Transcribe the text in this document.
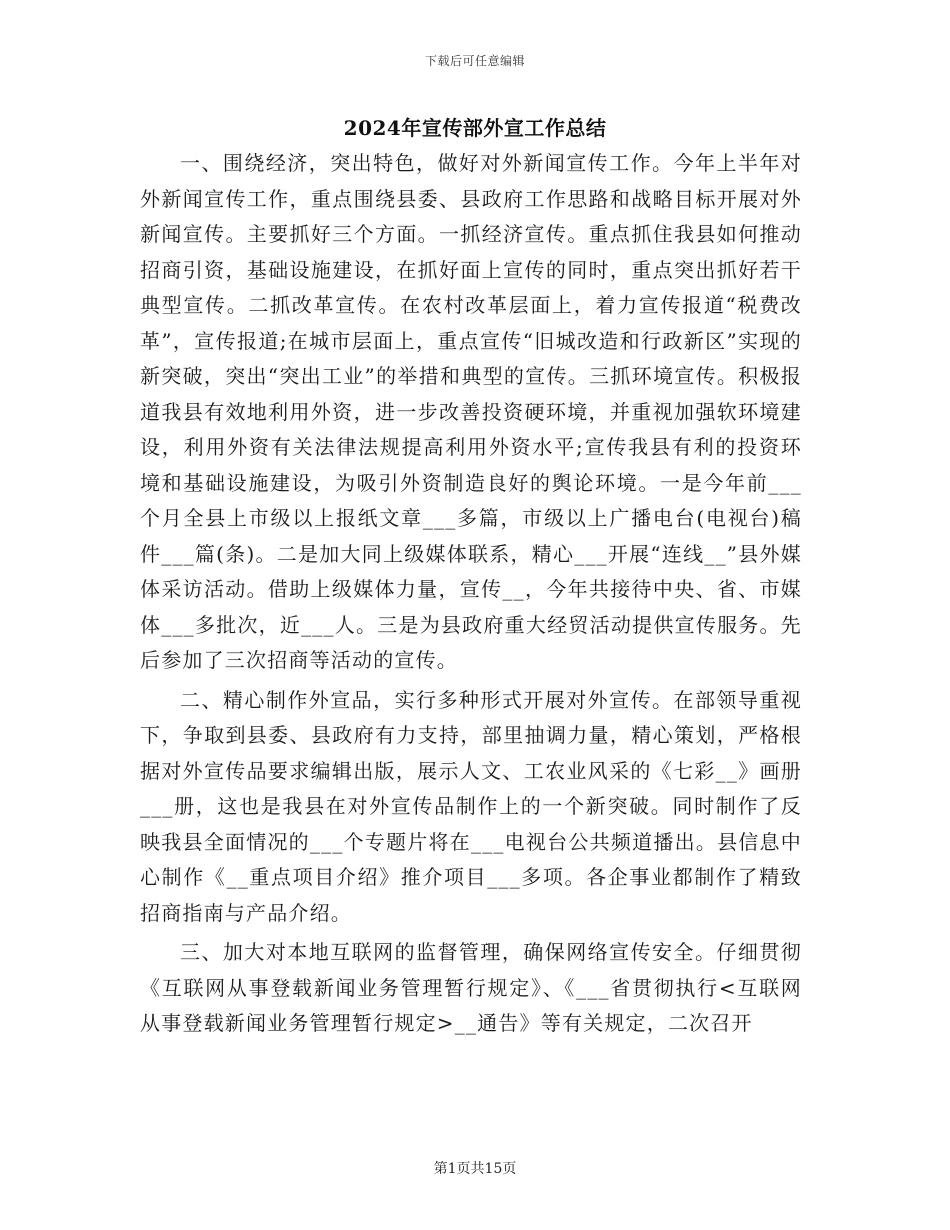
下载后可任意编辑
2024年宣传部外宣工作总结

一、围绕经济，突出特色，做好对外新闻宣传工作。今年上半年对外新闻宣传工作，重点围绕县委、县政府工作思路和战略目标开展对外新闻宣传。主要抓好三个方面。一抓经济宣传。重点抓住我县如何推动招商引资，基础设施建设，在抓好面上宣传的同时，重点突出抓好若干典型宣传。二抓改革宣传。在农村改革层面上，着力宣传报道“税费改革”，宣传报道;在城市层面上，重点宣传“旧城改造和行政新区”实现的新突破，突出“突出工业”的举措和典型的宣传。三抓环境宣传。积极报道我县有效地利用外资，进一步改善投资硬环境，并重视加强软环境建设，利用外资有关法律法规提高利用外资水平;宣传我县有利的投资环境和基础设施建设，为吸引外资制造良好的舆论环境。一是今年前___个月全县上市级以上报纸文章___多篇，市级以上广播电台(电视台)稿件___篇(条)。二是加大同上级媒体联系，精心___开展“连线__”县外媒体采访活动。借助上级媒体力量，宣传__，今年共接待中央、省、市媒体___多批次，近___人。三是为县政府重大经贸活动提供宣传服务。先后参加了三次招商等活动的宣传。

二、精心制作外宣品，实行多种形式开展对外宣传。在部领导重视下，争取到县委、县政府有力支持，部里抽调力量，精心策划，严格根据对外宣传品要求编辑出版，展示人文、工农业风采的《七彩__》画册___册，这也是我县在对外宣传品制作上的一个新突破。同时制作了反映我县全面情况的___个专题片将在___电视台公共频道播出。县信息中心制作《__重点项目介绍》推介项目___多项。各企事业都制作了精致招商指南与产品介绍。

三、加大对本地互联网的监督管理，确保网络宣传安全。仔细贯彻《互联网从事登载新闻业务管理暂行规定》、《___省贯彻执行<互联网从事登载新闻业务管理暂行规定>__通告》等有关规定，二次召开

第1页共15页
